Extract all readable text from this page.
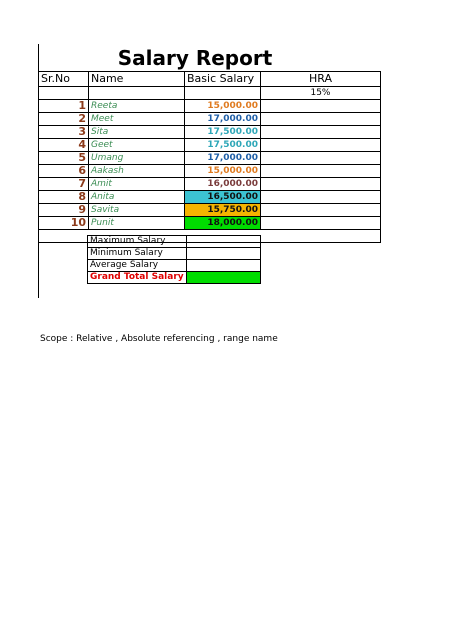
Salary Report
Sr.No	Name	Basic Salary	HRA
			15%
1	Reeta	15,000.00	
2	Meet	17,000.00	
3	Sita	17,500.00	
4	Geet	17,500.00	
5	Umang	17,000.00	
6	Aakash	15,000.00	
7	Amit	16,000.00	
8	Anita	16,500.00	
9	Savita	15,750.00	
10	Punit	18,000.00	

Maximum Salary	
Minimum Salary	
Average Salary	
Grand Total Salary	
Scope : Relative , Absolute referencing , range name
